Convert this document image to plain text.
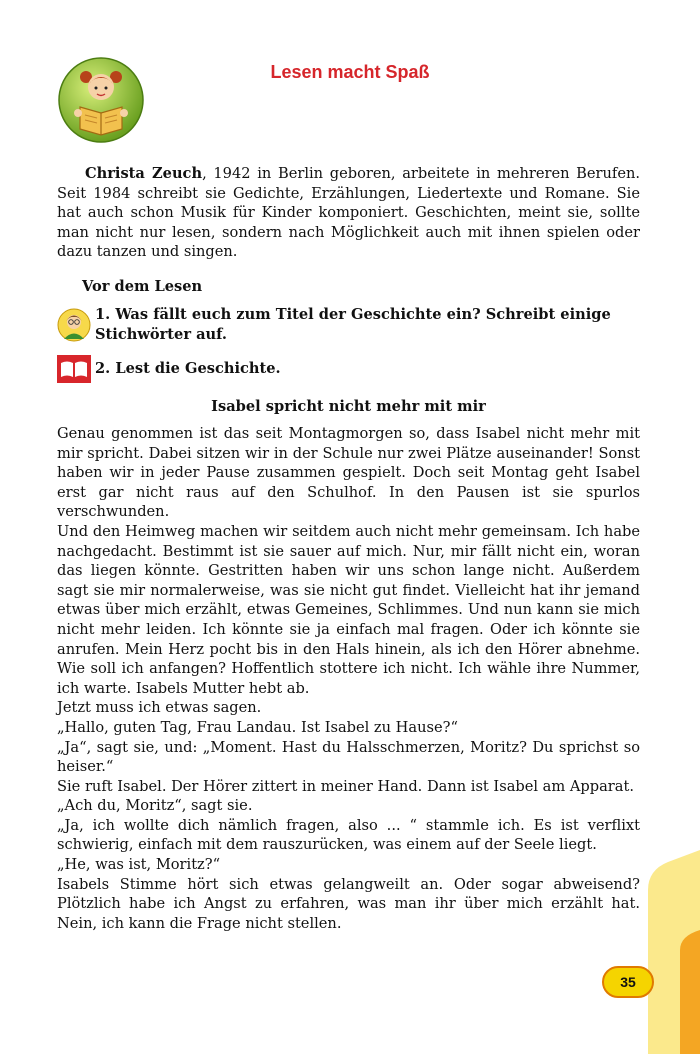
Lesen macht Spaß

Christa Zeuch, 1942 in Berlin geboren, arbeitete in mehreren Berufen. Seit 1984 schreibt sie Gedichte, Erzählungen, Liedertexte und Romane. Sie hat auch schon Musik für Kinder komponiert. Geschichten, meint sie, sollte man nicht nur lesen, sondern nach Möglichkeit auch mit ihnen spielen oder dazu tanzen und singen.

Vor dem Lesen
1. Was fällt euch zum Titel der Geschichte ein? Schreibt einige Stichwörter auf.
2. Lest die Geschichte.
Isabel spricht nicht mehr mit mir

Genau genommen ist das seit Montagmorgen so, dass Isabel nicht mehr mit mir spricht. Dabei sitzen wir in der Schule nur zwei Plätze auseinander! Sonst haben wir in jeder Pause zusammen gespielt. Doch seit Montag geht Isabel erst gar nicht raus auf den Schulhof. In den Pausen ist sie spurlos verschwunden.

Und den Heimweg machen wir seitdem auch nicht mehr gemeinsam. Ich habe nachgedacht. Bestimmt ist sie sauer auf mich. Nur, mir fällt nicht ein, woran das liegen könnte. Gestritten haben wir uns schon lange nicht. Außerdem sagt sie mir normalerweise, was sie nicht gut findet. Vielleicht hat ihr jemand etwas über mich erzählt, etwas Gemeines, Schlimmes. Und nun kann sie mich nicht mehr leiden. Ich könnte sie ja einfach mal fragen. Oder ich könnte sie anrufen. Mein Herz pocht bis in den Hals hinein, als ich den Hörer abnehme. Wie soll ich anfangen? Hoffentlich stottere ich nicht. Ich wähle ihre Nummer, ich warte. Isabels Mutter hebt ab.

Jetzt muss ich etwas sagen.

„Hallo, guten Tag, Frau Landau. Ist Isabel zu Hause?“

„Ja“, sagt sie, und: „Moment. Hast du Halsschmerzen, Moritz? Du sprichst so heiser.“

Sie ruft Isabel. Der Hörer zittert in meiner Hand. Dann ist Isabel am Apparat.

„Ach du, Moritz“, sagt sie.

„Ja, ich wollte dich nämlich fragen, also ... “ stammle ich. Es ist verflixt schwierig, einfach mit dem rauszurücken, was einem auf der Seele liegt.

„He, was ist, Moritz?“

Isabels Stimme hört sich etwas gelangweilt an. Oder sogar abweisend? Plötzlich habe ich Angst zu erfahren, was man ihr über mich erzählt hat. Nein, ich kann die Frage nicht stellen.

35
